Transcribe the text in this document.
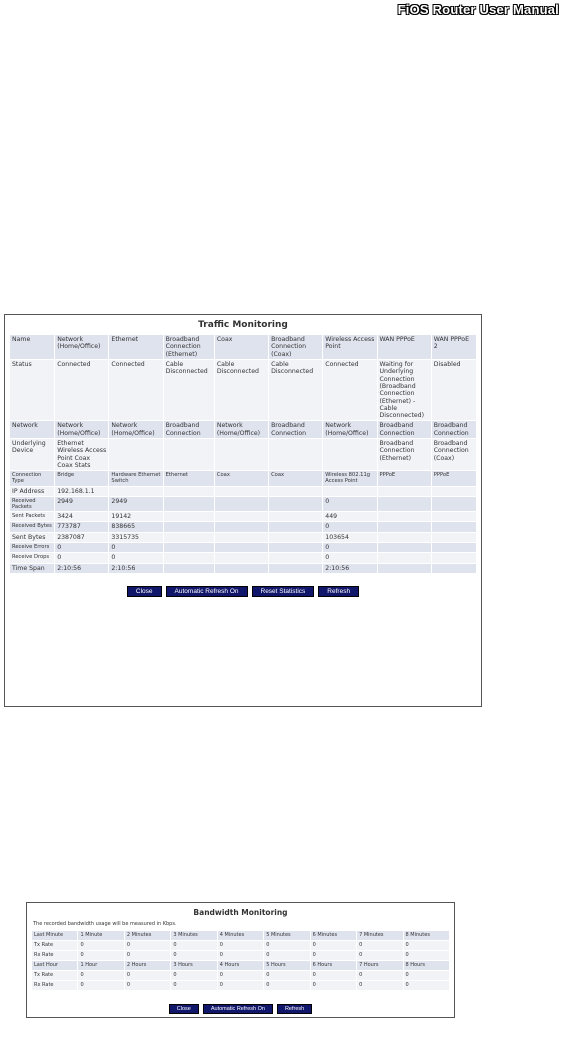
FiOS Router User Manual
Traffic Monitoring
Name	Network (Home/Office)	Ethernet	Broadband Connection (Ethernet)	Coax	Broadband Connection (Coax)	Wireless Access Point	WAN PPPoE	WAN PPPoE 2
Status	Connected	Connected	Cable Disconnected	Cable Disconnected	Cable Disconnected	Connected	Waiting for Underlying Connection (Broadband Connection (Ethernet) - Cable Disconnected)	Disabled
Network	Network (Home/Office)	Network (Home/Office)	Broadband Connection	Network (Home/Office)	Broadband Connection	Network (Home/Office)	Broadband Connection	Broadband Connection
Underlying Device	Ethernet Wireless Access Point Coax Coax Stats						Broadband Connection (Ethernet)	Broadband Connection (Coax)
Connection Type	Bridge	Hardware Ethernet Switch	Ethernet	Coax	Coax	Wireless 802.11g Access Point	PPPoE	PPPoE
IP Address	192.168.1.1							
Received Packets	2949	2949				0		
Sent Packets	3424	19142				449		
Received Bytes	773787	838665				0		
Sent Bytes	2387087	3315735				103654		
Receive Errors	0	0				0		
Receive Drops	0	0				0		
Time Span	2:10:56	2:10:56				2:10:56		
Close	Automatic Refresh On	Reset Statistics	Refresh
Bandwidth Monitoring
The recorded bandwidth usage will be measured in Kbps.
Last Minute	1 Minute	2 Minutes	3 Minutes	4 Minutes	5 Minutes	6 Minutes	7 Minutes	8 Minutes
Tx Rate	0	0	0	0	0	0	0	0
Rx Rate	0	0	0	0	0	0	0	0
Last Hour	1 Hour	2 Hours	3 Hours	4 Hours	5 Hours	6 Hours	7 Hours	8 Hours
Tx Rate	0	0	0	0	0	0	0	0
Rx Rate	0	0	0	0	0	0	0	0
Close	Automatic Refresh On	Refresh
